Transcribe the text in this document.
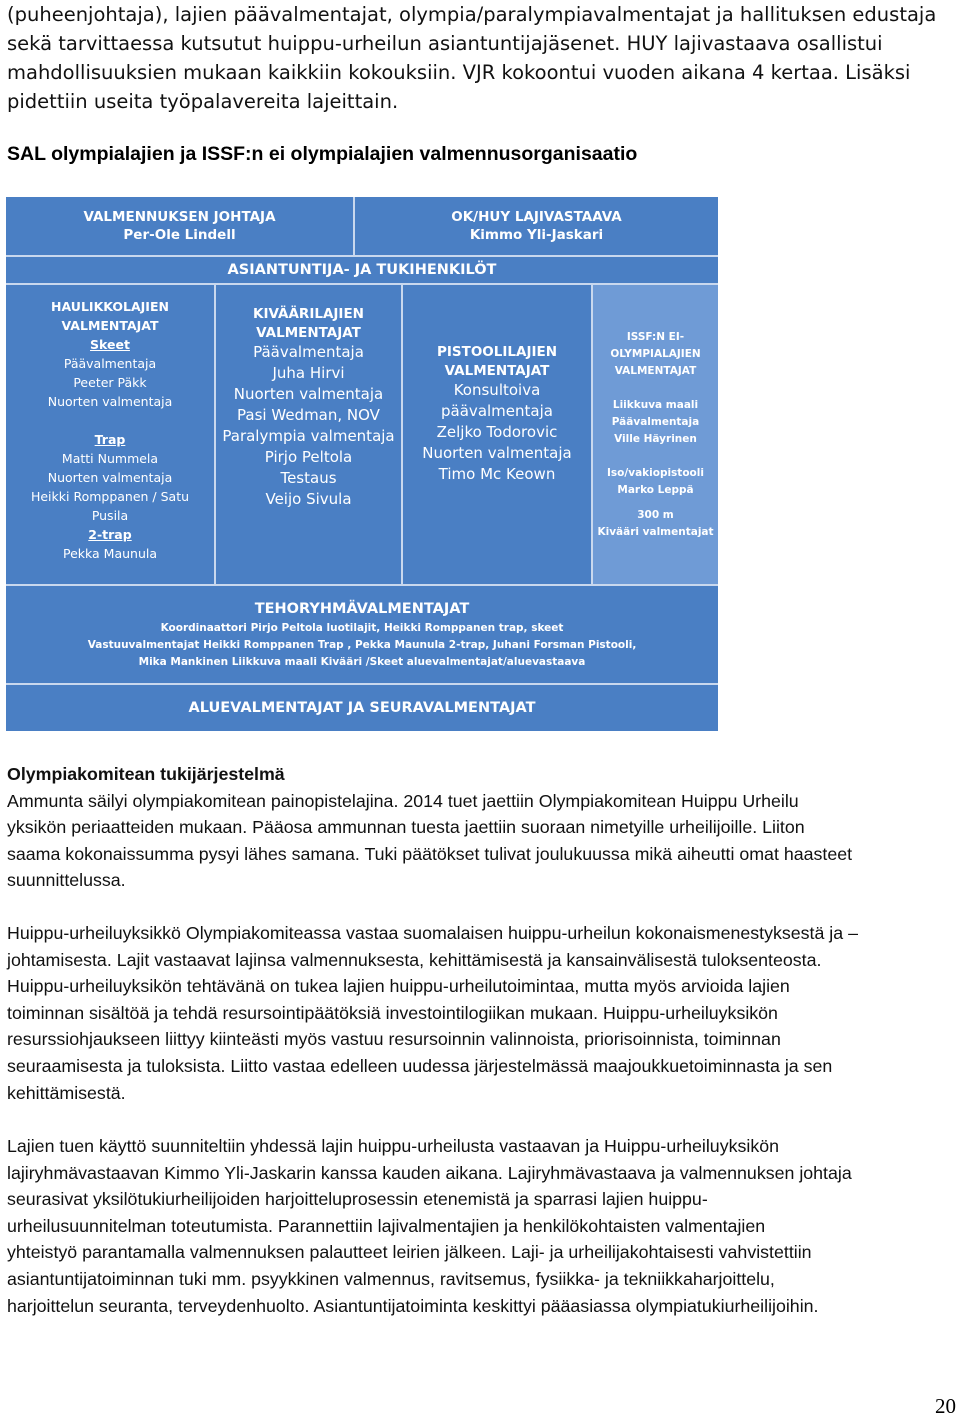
(puheenjohtaja), lajien päävalmentajat, olympia/paralympiavalmentajat ja hallituksen edustaja
sekä tarvittaessa kutsutut huippu-urheilun asiantuntijajäsenet. HUY lajivastaava osallistui
mahdollisuuksien mukaan kaikkiin kokouksiin. VJR kokoontui vuoden aikana 4 kertaa. Lisäksi
pidettiin useita työpalavereita lajeittain.
SAL olympialajien ja ISSF:n ei olympialajien valmennusorganisaatio
VALMENNUKSEN JOHTAJA
Per-Ole Lindell
OK/HUY LAJIVASTAAVA
Kimmo Yli-Jaskari
ASIANTUNTIJA- JA TUKIHENKILÖT
HAULIKKOLAJIEN
VALMENTAJAT
Skeet
Päävalmentaja
Peeter Päkk
Nuorten valmentaja
Trap
Matti Nummela
Nuorten valmentaja
Heikki Romppanen / Satu
Pusila
2-trap
Pekka Maunula
KIVÄÄRILAJIEN
VALMENTAJAT
Päävalmentaja
Juha Hirvi
Nuorten valmentaja
Pasi Wedman, NOV
Paralympia valmentaja
Pirjo Peltola
Testaus
Veijo Sivula
PISTOOLILAJIEN
VALMENTAJAT
Konsultoiva
päävalmentaja
Zeljko Todorovic
Nuorten valmentaja
Timo Mc Keown
ISSF:N EI-
OLYMPIALAJIEN
VALMENTAJAT
Liikkuva maali
Päävalmentaja
Ville Häyrinen
Iso/vakiopistooli
Marko Leppä
300 m
Kivääri valmentajat
TEHORYHMÄVALMENTAJAT
Koordinaattori Pirjo Peltola luotilajit, Heikki Romppanen trap, skeet
Vastuuvalmentajat Heikki Romppanen Trap , Pekka Maunula 2-trap, Juhani Forsman Pistooli,
Mika Mankinen Liikkuva maali Kivääri /Skeet aluevalmentajat/aluevastaava
ALUEVALMENTAJAT JA SEURAVALMENTAJAT
Olympiakomitean tukijärjestelmä
Ammunta säilyi olympiakomitean painopistelajina. 2014 tuet jaettiin Olympiakomitean Huippu Urheilu
yksikön periaatteiden mukaan. Pääosa ammunnan tuesta jaettiin suoraan nimetyille urheilijoille. Liiton
saama kokonaissumma pysyi lähes samana. Tuki päätökset tulivat joulukuussa mikä aiheutti omat haasteet
suunnittelussa.
Huippu-urheiluyksikkö Olympiakomiteassa vastaa suomalaisen huippu-urheilun kokonaismenestyksestä ja –
johtamisesta. Lajit vastaavat lajinsa valmennuksesta, kehittämisestä ja kansainvälisestä tuloksenteosta.
Huippu-urheiluyksikön tehtävänä on tukea lajien huippu-urheilutoimintaa, mutta myös arvioida lajien
toiminnan sisältöä ja tehdä resursointipäätöksiä investointilogiikan mukaan. Huippu-urheiluyksikön
resurssiohjaukseen liittyy kiinteästi myös vastuu resursoinnin valinnoista, priorisoinnista, toiminnan
seuraamisesta ja tuloksista. Liitto vastaa edelleen uudessa järjestelmässä maajoukkuetoiminnasta ja sen
kehittämisestä.
Lajien tuen käyttö suunniteltiin yhdessä lajin huippu-urheilusta vastaavan ja Huippu-urheiluyksikön
lajiryhmävastaavan Kimmo Yli-Jaskarin kanssa kauden aikana. Lajiryhmävastaava ja valmennuksen johtaja
seurasivat yksilötukiurheilijoiden harjoitteluprosessin etenemistä ja sparrasi lajien huippu-
urheilusuunnitelman toteutumista. Parannettiin lajivalmentajien ja henkilökohtaisten valmentajien
yhteistyö parantamalla valmennuksen palautteet leirien jälkeen. Laji- ja urheilijakohtaisesti vahvistettiin
asiantuntijatoiminnan tuki mm. psyykkinen valmennus, ravitsemus, fysiikka- ja tekniikkaharjoittelu,
harjoittelun seuranta, terveydenhuolto. Asiantuntijatoiminta keskittyi pääasiassa olympiatukiurheilijoihin.
20
